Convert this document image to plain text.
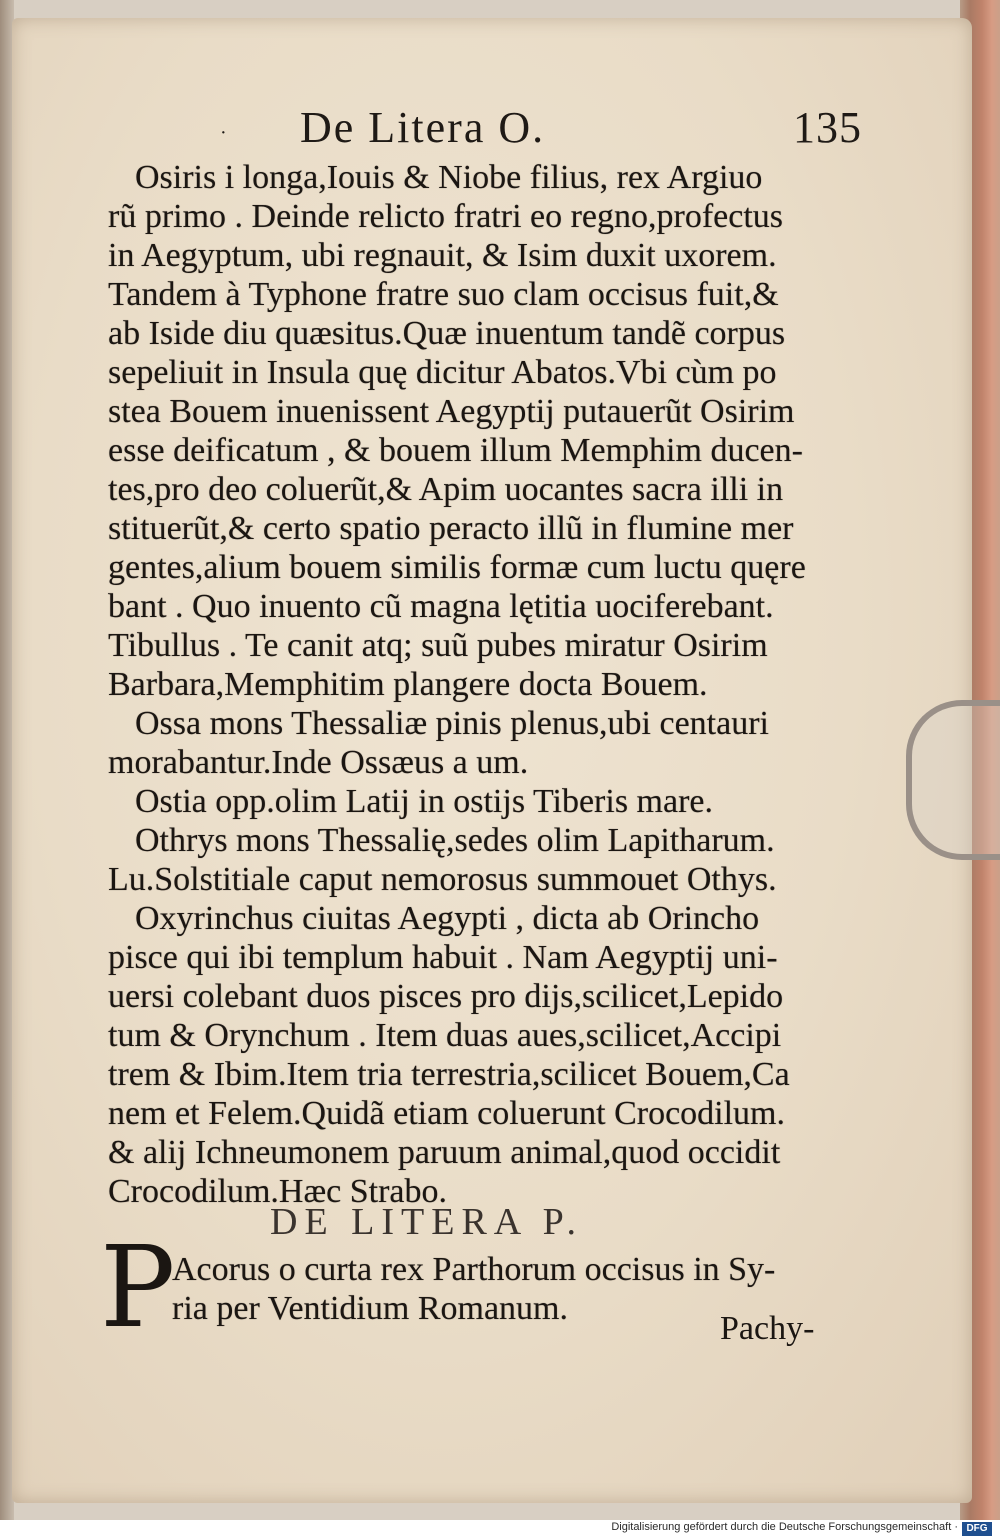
· De Litera O.	135
Osiris i longa,Iouis & Niobe filius, rex Argiuo
rũ primo . Deinde relicto fratri eo regno,profectus
in Aegyptum, ubi regnauit, & Isim duxit uxorem.
Tandem à Typhone fratre suo clam occisus fuit,&
ab Iside diu quæsitus.Quæ inuentum tandẽ corpus
sepeliuit in Insula quę dicitur Abatos.Vbi cùm po
stea Bouem inuenissent Aegyptij putauerũt Osirim
esse deificatum , & bouem illum Memphim ducen-
tes,pro deo coluerũt,& Apim uocantes sacra illi in
stituerũt,& certo spatio peracto illũ in flumine mer
gentes,alium bouem similis formæ cum luctu quęre
bant . Quo inuento cũ magna lętitia uociferebant.
Tibullus . Te canit atq; suũ pubes miratur Osirim
Barbara,Memphitim plangere docta Bouem.
Ossa mons Thessaliæ pinis plenus,ubi centauri
morabantur.Inde Ossæus a um.
Ostia opp.olim Latij in ostijs Tiberis mare.
Othrys mons Thessalię,sedes olim Lapitharum.
Lu.Solstitiale caput nemorosus summouet Othys.
Oxyrinchus ciuitas Aegypti , dicta ab Orincho
pisce qui ibi templum habuit . Nam Aegyptij uni-
uersi colebant duos pisces pro dijs,scilicet,Lepido
tum & Orynchum . Item duas aues,scilicet,Accipi
trem & Ibim.Item tria terrestria,scilicet Bouem,Ca
nem et Felem.Quidã etiam coluerunt Crocodilum.
& alij Ichneumonem paruum animal,quod occidit
Crocodilum.Hæc Strabo.
DE LITERA P.
P
Acorus o curta rex Parthorum occisus in Sy-
ria per Ventidium Romanum.
Pachy-
Digitalisierung gefördert durch die Deutsche Forschungsgemeinschaft · DFG
